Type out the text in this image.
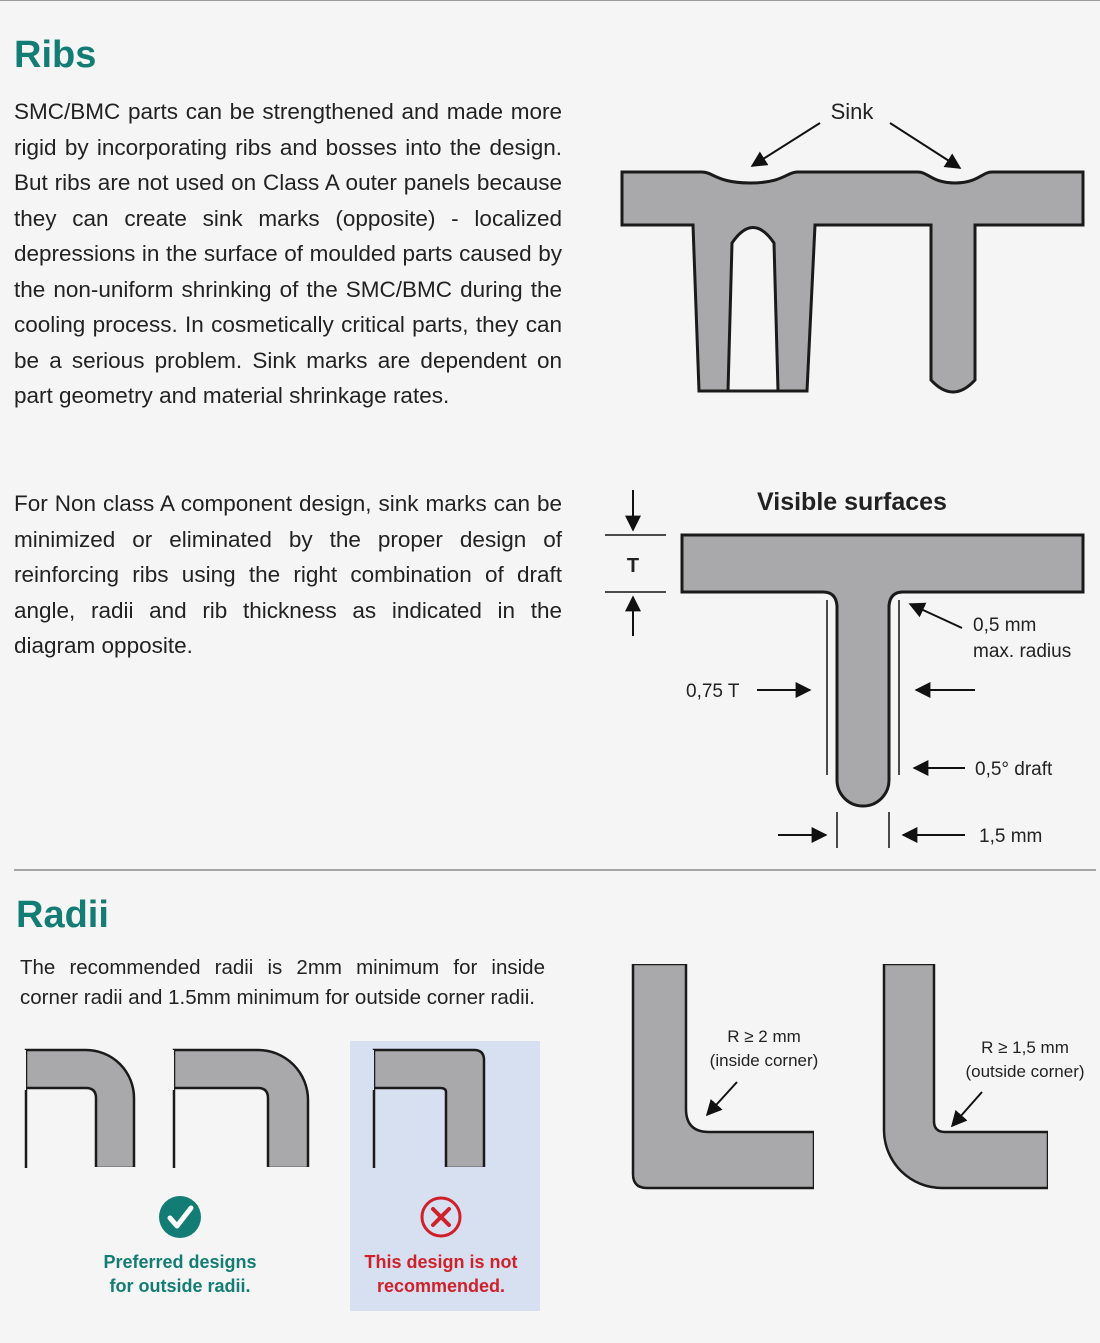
Ribs

SMC/BMC parts can be strengthened and made more rigid by incorporating ribs and bosses into the design. But ribs are not used on Class A outer panels because they can create sink marks (opposite) - localized depressions in the surface of moulded parts caused by the non-uniform shrinking of the SMC/BMC during the cooling process. In cosmetically critical parts, they can be a serious problem. Sink marks are dependent on part geometry and material shrinkage rates.

For Non class A component design, sink marks can be minimized or eliminated by the proper design of reinforcing ribs using the right combination of draft angle, radii and rib thickness as indicated in the diagram opposite.

Radii

The recommended radii is 2mm minimum for inside corner radii and 1.5mm minimum for outside corner radii.

Sink
Visible surfaces
T
0,5 mm
max. radius
0,75 T
0,5° draft
1,5 mm
Preferred designs
for outside radii.
This design is not
recommended.
R ≥ 2 mm
(inside corner)
R ≥ 1,5 mm
(outside corner)
